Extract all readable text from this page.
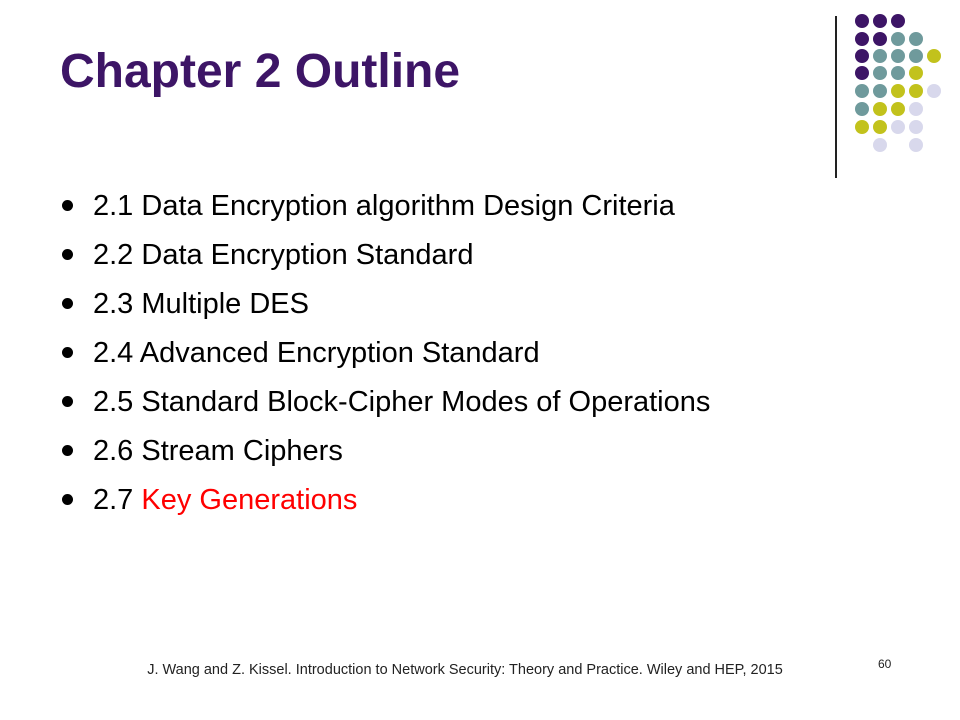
Chapter 2 Outline
2.1 Data Encryption algorithm Design Criteria
2.2 Data Encryption Standard
2.3 Multiple DES
2.4 Advanced Encryption Standard
2.5 Standard Block-Cipher Modes of Operations
2.6 Stream Ciphers
2.7 Key Generations
J. Wang and Z. Kissel. Introduction to Network Security: Theory and Practice. Wiley and HEP, 2015	60
